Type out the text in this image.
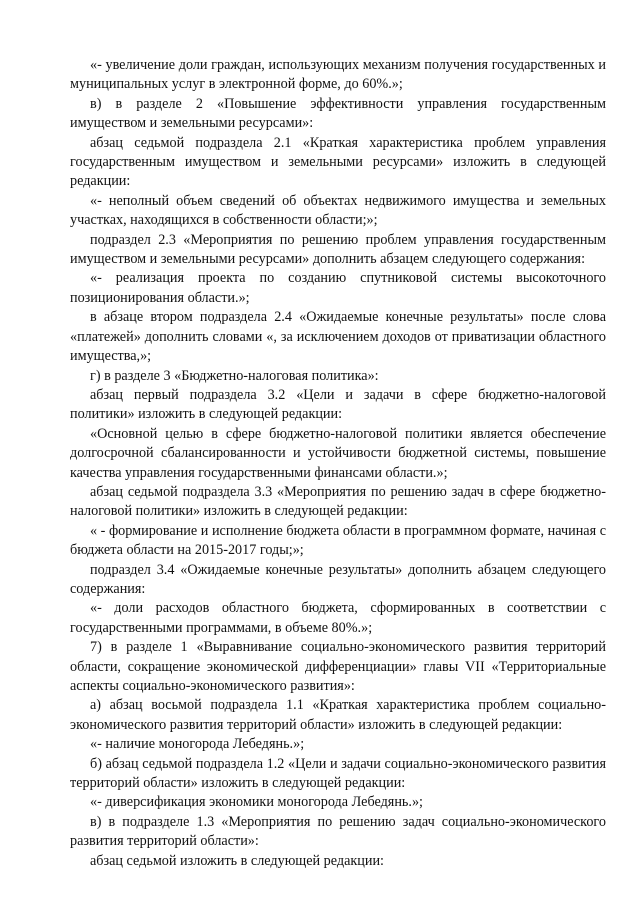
«- увеличение доли граждан, использующих механизм получения государственных и муниципальных услуг в электронной форме, до 60%.»;

в) в разделе 2 «Повышение эффективности управления государственным имуществом и земельными ресурсами»:

абзац седьмой подраздела 2.1 «Краткая характеристика проблем управления государственным имуществом и земельными ресурсами» изложить в следующей редакции:

«- неполный объем сведений об объектах недвижимого имущества и земельных участках, находящихся в собственности области;»;

подраздел 2.3 «Мероприятия по решению проблем управления государственным имуществом и земельными ресурсами» дополнить абзацем следующего содержания:

«- реализация проекта по созданию спутниковой системы высокоточного позиционирования области.»;

в абзаце втором подраздела 2.4 «Ожидаемые конечные результаты» после слова «платежей» дополнить словами «, за исключением доходов от приватизации областного имущества,»;

г) в разделе 3 «Бюджетно-налоговая политика»:

абзац первый подраздела 3.2 «Цели и задачи в сфере бюджетно-налоговой политики» изложить в следующей редакции:

«Основной целью в сфере бюджетно-налоговой политики является обеспечение долгосрочной сбалансированности и устойчивости бюджетной системы, повышение качества управления государственными финансами области.»;

абзац седьмой подраздела 3.3 «Мероприятия по решению задач в сфере бюджетно-налоговой политики» изложить в следующей редакции:

« - формирование и исполнение бюджета области в программном формате, начиная с бюджета области на 2015-2017 годы;»;

подраздел 3.4 «Ожидаемые конечные результаты» дополнить абзацем следующего содержания:

«- доли расходов областного бюджета, сформированных в соответствии с государственными программами, в объеме 80%.»;

7) в разделе 1 «Выравнивание социально-экономического развития территорий области, сокращение экономической дифференциации» главы VII «Территориальные аспекты социально-экономического развития»:

а) абзац восьмой подраздела 1.1 «Краткая характеристика проблем социально-экономического развития территорий области» изложить в следующей редакции:

«- наличие моногорода Лебедянь.»;

б) абзац седьмой подраздела 1.2 «Цели и задачи социально-экономического развития территорий области» изложить в следующей редакции:

«- диверсификация экономики моногорода Лебедянь.»;

в) в подразделе 1.3 «Мероприятия по решению задач социально-экономического развития территорий области»:

абзац седьмой изложить в следующей редакции:
